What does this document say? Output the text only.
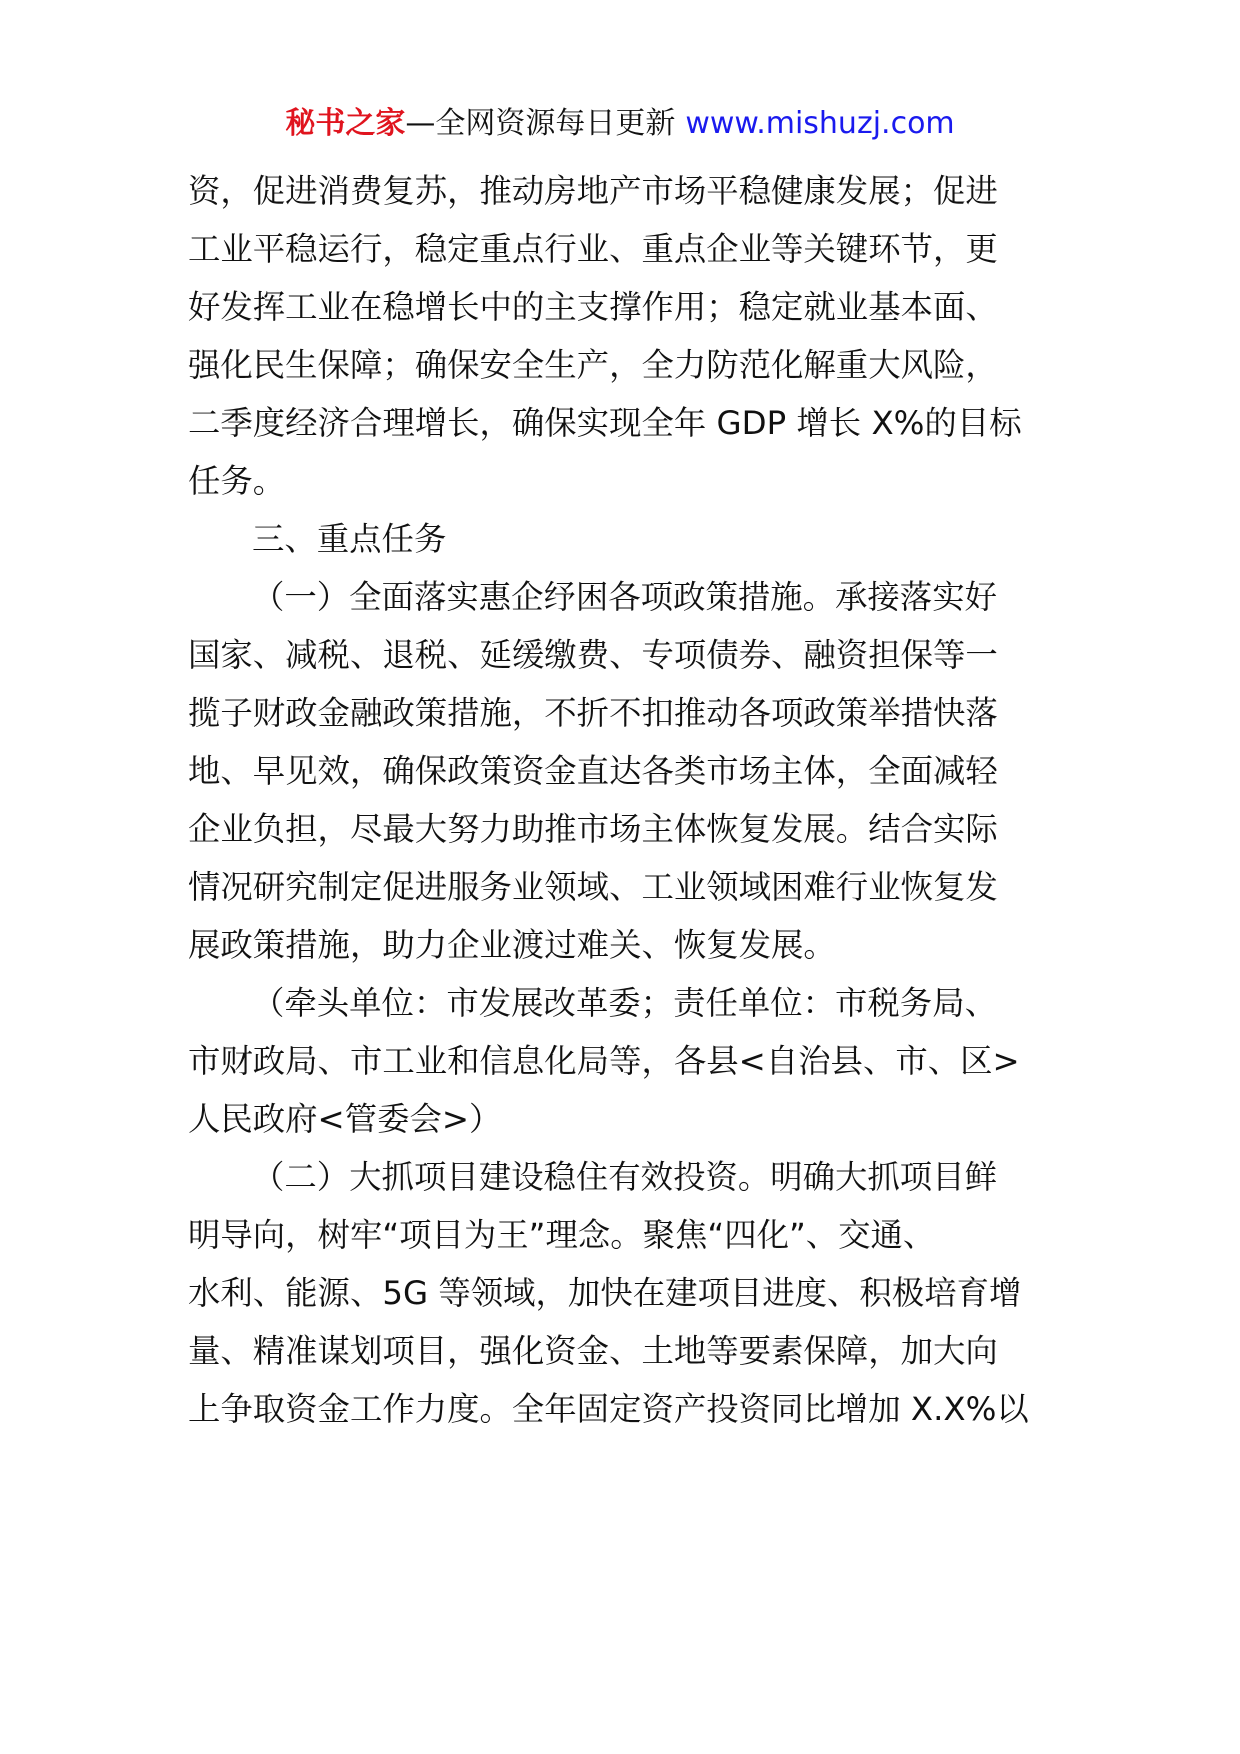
秘书之家—全网资源每日更新 www.mishuzj.com
资，促进消费复苏，推动房地产市场平稳健康发展；促进
工业平稳运行，稳定重点行业、重点企业等关键环节，更
好发挥工业在稳增长中的主支撑作用；稳定就业基本面、
强化民生保障；确保安全生产，全力防范化解重大风险，
二季度经济合理增长，确保实现全年 GDP 增长 X%的目标
任务。
三、重点任务
（一）全面落实惠企纾困各项政策措施。承接落实好
国家、减税、退税、延缓缴费、专项债券、融资担保等一
揽子财政金融政策措施，不折不扣推动各项政策举措快落
地、早见效，确保政策资金直达各类市场主体，全面减轻
企业负担，尽最大努力助推市场主体恢复发展。结合实际
情况研究制定促进服务业领域、工业领域困难行业恢复发
展政策措施，助力企业渡过难关、恢复发展。
（牵头单位：市发展改革委；责任单位：市税务局、
市财政局、市工业和信息化局等，各县<自治县、市、区>
人民政府<管委会>）
（二）大抓项目建设稳住有效投资。明确大抓项目鲜
明导向，树牢“项目为王”理念。聚焦“四化”、交通、
水利、能源、5G 等领域，加快在建项目进度、积极培育增
量、精准谋划项目，强化资金、土地等要素保障，加大向
上争取资金工作力度。全年固定资产投资同比增加 X.X%以
